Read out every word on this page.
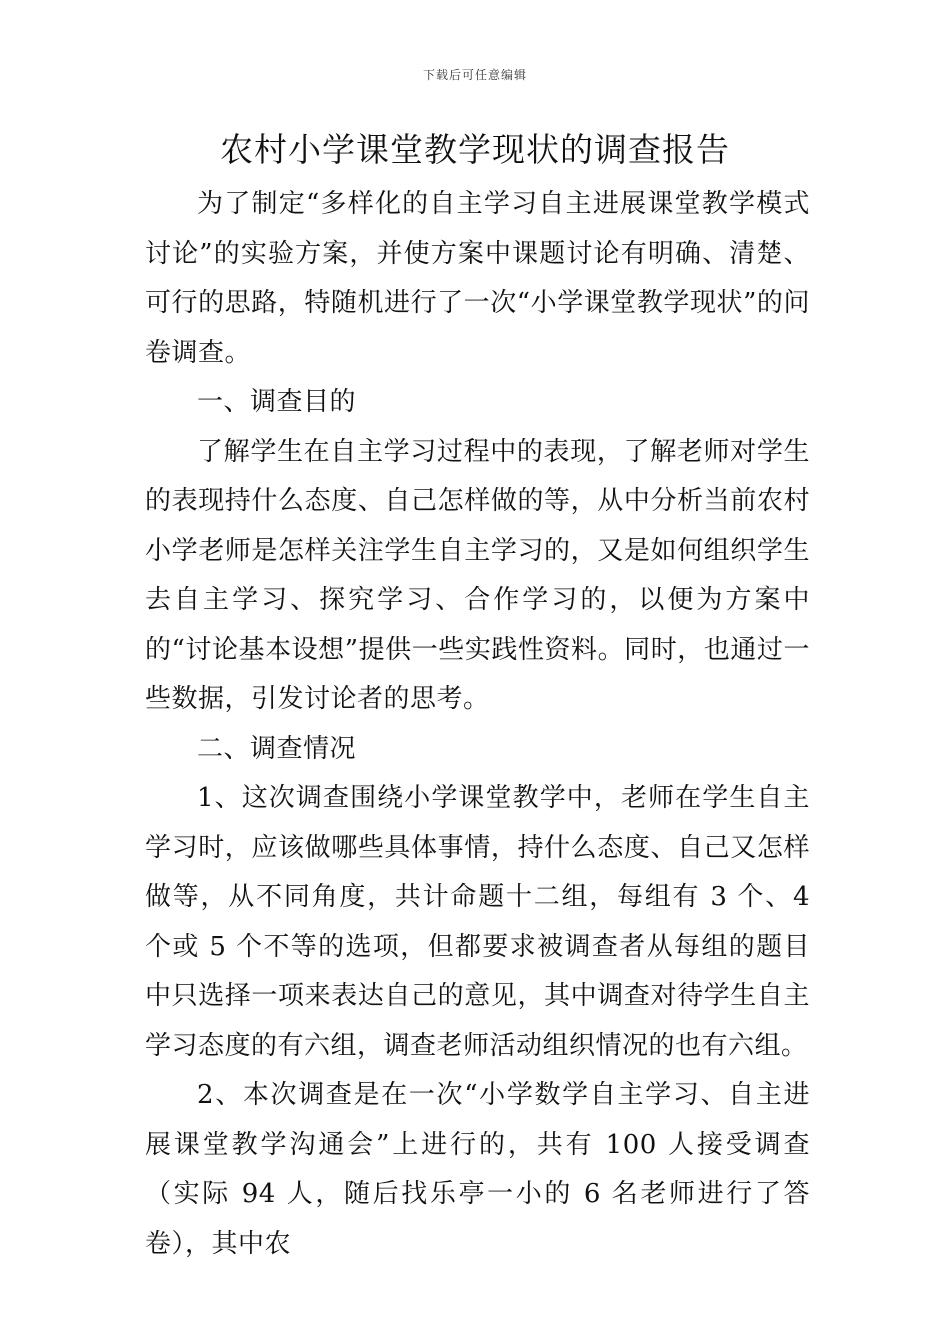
下载后可任意编辑
农村小学课堂教学现状的调查报告

为了制定“多样化的自主学习自主进展课堂教学模式讨论”的实验方案，并使方案中课题讨论有明确、清楚、可行的思路，特随机进行了一次“小学课堂教学现状”的问卷调查。

一、调查目的

了解学生在自主学习过程中的表现，了解老师对学生的表现持什么态度、自己怎样做的等，从中分析当前农村小学老师是怎样关注学生自主学习的，又是如何组织学生去自主学习、探究学习、合作学习的，以便为方案中的“讨论基本设想”提供一些实践性资料。同时，也通过一些数据，引发讨论者的思考。

二、调查情况

1、这次调查围绕小学课堂教学中，老师在学生自主学习时，应该做哪些具体事情，持什么态度、自己又怎样做等，从不同角度，共计命题十二组，每组有 3 个、4 个或 5 个不等的选项，但都要求被调查者从每组的题目中只选择一项来表达自己的意见，其中调查对待学生自主学习态度的有六组，调查老师活动组织情况的也有六组。

2、本次调查是在一次“小学数学自主学习、自主进展课堂教学沟通会”上进行的，共有 100 人接受调查（实际 94 人，随后找乐亭一小的 6 名老师进行了答卷），其中农
